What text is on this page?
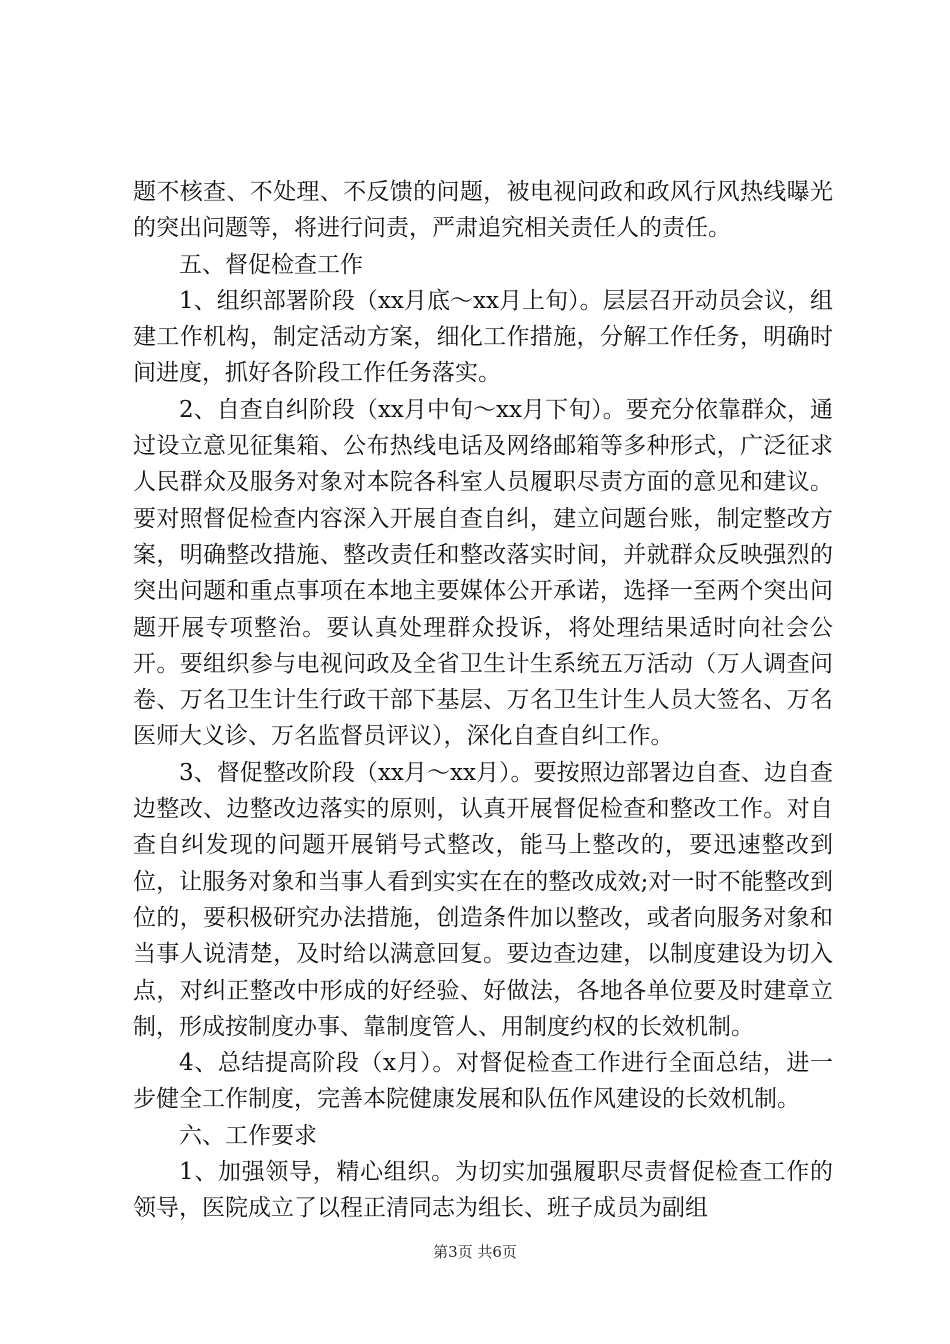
题不核查、不处理、不反馈的问题，被电视问政和政风行风热线曝光的突出问题等，将进行问责，严肃追究相关责任人的责任。

五、督促检查工作

1、组织部署阶段（xx月底～xx月上旬）。层层召开动员会议，组建工作机构，制定活动方案，细化工作措施，分解工作任务，明确时间进度，抓好各阶段工作任务落实。

2、自查自纠阶段（xx月中旬～xx月下旬）。要充分依靠群众，通过设立意见征集箱、公布热线电话及网络邮箱等多种形式，广泛征求人民群众及服务对象对本院各科室人员履职尽责方面的意见和建议。要对照督促检查内容深入开展自查自纠，建立问题台账，制定整改方案，明确整改措施、整改责任和整改落实时间，并就群众反映强烈的突出问题和重点事项在本地主要媒体公开承诺，选择一至两个突出问题开展专项整治。要认真处理群众投诉，将处理结果适时向社会公开。要组织参与电视问政及全省卫生计生系统五万活动（万人调查问卷、万名卫生计生行政干部下基层、万名卫生计生人员大签名、万名医师大义诊、万名监督员评议），深化自查自纠工作。

3、督促整改阶段（xx月～xx月）。要按照边部署边自查、边自查边整改、边整改边落实的原则，认真开展督促检查和整改工作。对自查自纠发现的问题开展销号式整改，能马上整改的，要迅速整改到位，让服务对象和当事人看到实实在在的整改成效;对一时不能整改到位的，要积极研究办法措施，创造条件加以整改，或者向服务对象和当事人说清楚，及时给以满意回复。要边查边建，以制度建设为切入点，对纠正整改中形成的好经验、好做法，各地各单位要及时建章立制，形成按制度办事、靠制度管人、用制度约权的长效机制。

4、总结提高阶段（x月）。对督促检查工作进行全面总结，进一步健全工作制度，完善本院健康发展和队伍作风建设的长效机制。

六、工作要求

1、加强领导，精心组织。为切实加强履职尽责督促检查工作的领导，医院成立了以程正清同志为组长、班子成员为副组

第3页 共6页
